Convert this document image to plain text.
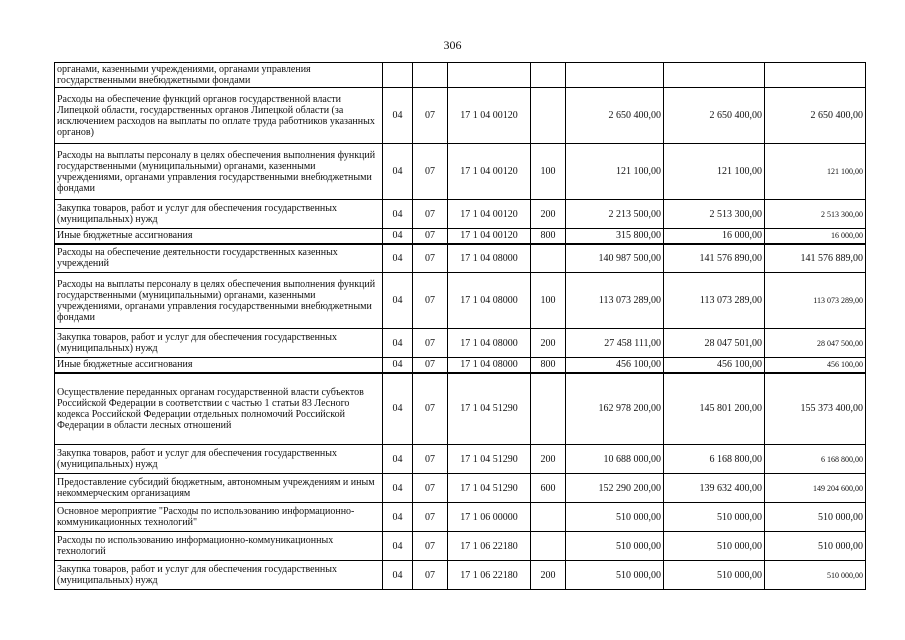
306
органами, казенными учреждениями, органами управления государственными внебюджетными фондами							
Расходы на обеспечение функций органов государственной власти Липецкой области, государственных органов Липецкой области (за исключением расходов на выплаты по оплате труда работников указанных органов)	04	07	17 1 04 00120		2 650 400,00	2 650 400,00	2 650 400,00
Расходы на выплаты персоналу в целях обеспечения выполнения функций государственными (муниципальными) органами, казенными учреждениями, органами управления государственными внебюджетными фондами	04	07	17 1 04 00120	100	121 100,00	121 100,00	121 100,00
Закупка товаров, работ и услуг для обеспечения государственных (муниципальных) нужд	04	07	17 1 04 00120	200	2 213 500,00	2 513 300,00	2 513 300,00
Иные бюджетные ассигнования	04	07	17 1 04 00120	800	315 800,00	16 000,00	16 000,00
Расходы на обеспечение деятельности государственных казенных учреждений	04	07	17 1 04 08000		140 987 500,00	141 576 890,00	141 576 889,00
Расходы на выплаты персоналу в целях обеспечения выполнения функций государственными (муниципальными) органами, казенными учреждениями, органами управления государственными внебюджетными фондами	04	07	17 1 04 08000	100	113 073 289,00	113 073 289,00	113 073 289,00
Закупка товаров, работ и услуг для обеспечения государственных (муниципальных) нужд	04	07	17 1 04 08000	200	27 458 111,00	28 047 501,00	28 047 500,00
Иные бюджетные ассигнования	04	07	17 1 04 08000	800	456 100,00	456 100,00	456 100,00
Осуществление переданных органам государственной власти субъектов Российской Федерации в соответствии с частью 1 статьи 83 Лесного кодекса Российской Федерации отдельных полномочий Российской Федерации в области лесных отношений	04	07	17 1 04 51290		162 978 200,00	145 801 200,00	155 373 400,00
Закупка товаров, работ и услуг для обеспечения государственных (муниципальных) нужд	04	07	17 1 04 51290	200	10 688 000,00	6 168 800,00	6 168 800,00
Предоставление субсидий бюджетным, автономным учреждениям и иным некоммерческим организациям	04	07	17 1 04 51290	600	152 290 200,00	139 632 400,00	149 204 600,00
Основное мероприятие "Расходы по использованию информационно-коммуникационных технологий"	04	07	17 1 06 00000		510 000,00	510 000,00	510 000,00
Расходы по использованию информационно-коммуникационных технологий	04	07	17 1 06 22180		510 000,00	510 000,00	510 000,00
Закупка товаров, работ и услуг для обеспечения государственных (муниципальных) нужд	04	07	17 1 06 22180	200	510 000,00	510 000,00	510 000,00
